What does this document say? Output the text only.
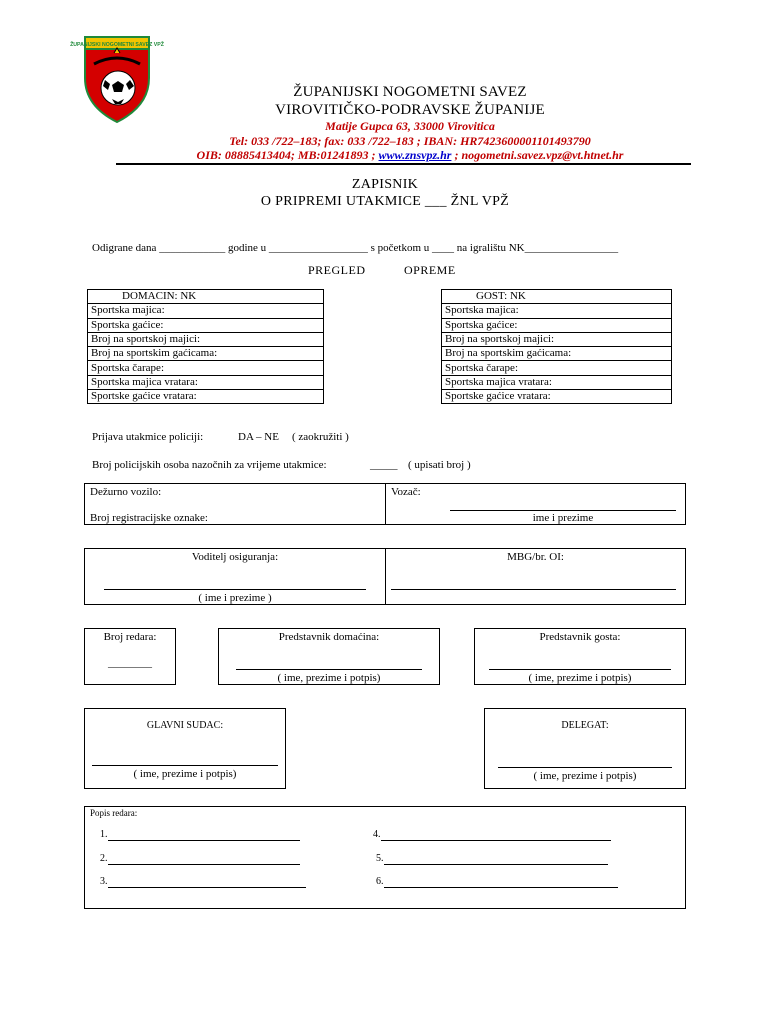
ŽUPANIJSKI NOGOMETNI SAVEZ VPŽ
ŽUPANIJSKI NOGOMETNI SAVEZ
VIROVITIČKO-PODRAVSKE ŽUPANIJE
Matije Gupca 63, 33000 Virovitica
Tel: 033 /722–183; fax: 033 /722–183 ; IBAN: HR7423600001101493790
OIB: 08885413404; MB:01241893 ; www.znsvpz.hr ; nogometni.savez.vpz@vt.htnet.hr
ZAPISNIK
O PRIPREMI UTAKMICE ___ ŽNL VPŽ
Odigrane dana ____________ godine u __________________ s početkom u ____ na igralištu NK_________________
PREGLED	OPREME
DOMACIN: NK
Sportska majica:
Sportska gaćice:
Broj na sportskoj majici:
Broj na sportskim gaćicama:
Sportska čarape:
Sportska majica vratara:
Sportske gaćice vratara:
GOST: NK
Sportska majica:
Sportska gaćice:
Broj na sportskoj majici:
Broj na sportskim gaćicama:
Sportska čarape:
Sportska majica vratara:
Sportske gaćice vratara:
Prijava utakmice policiji:	DA – NE ( zaokružiti )
Broj policijskih osoba nazočnih za vrijeme utakmice:	_____ ( upisati broj )
Dežurno vozilo:
Broj registracijske oznake:
Vozač:
ime i prezime
Voditelj osiguranja:
( ime i prezime )
MBG/br. OI:
Broj redara:
________
Predstavnik domaćina:
( ime, prezime i potpis)
Predstavnik gosta:
( ime, prezime i potpis)
GLAVNI SUDAC:
( ime, prezime i potpis)
DELEGAT:
( ime, prezime i potpis)
Popis redara:
1.
2.
3.
4.
5.
6.
